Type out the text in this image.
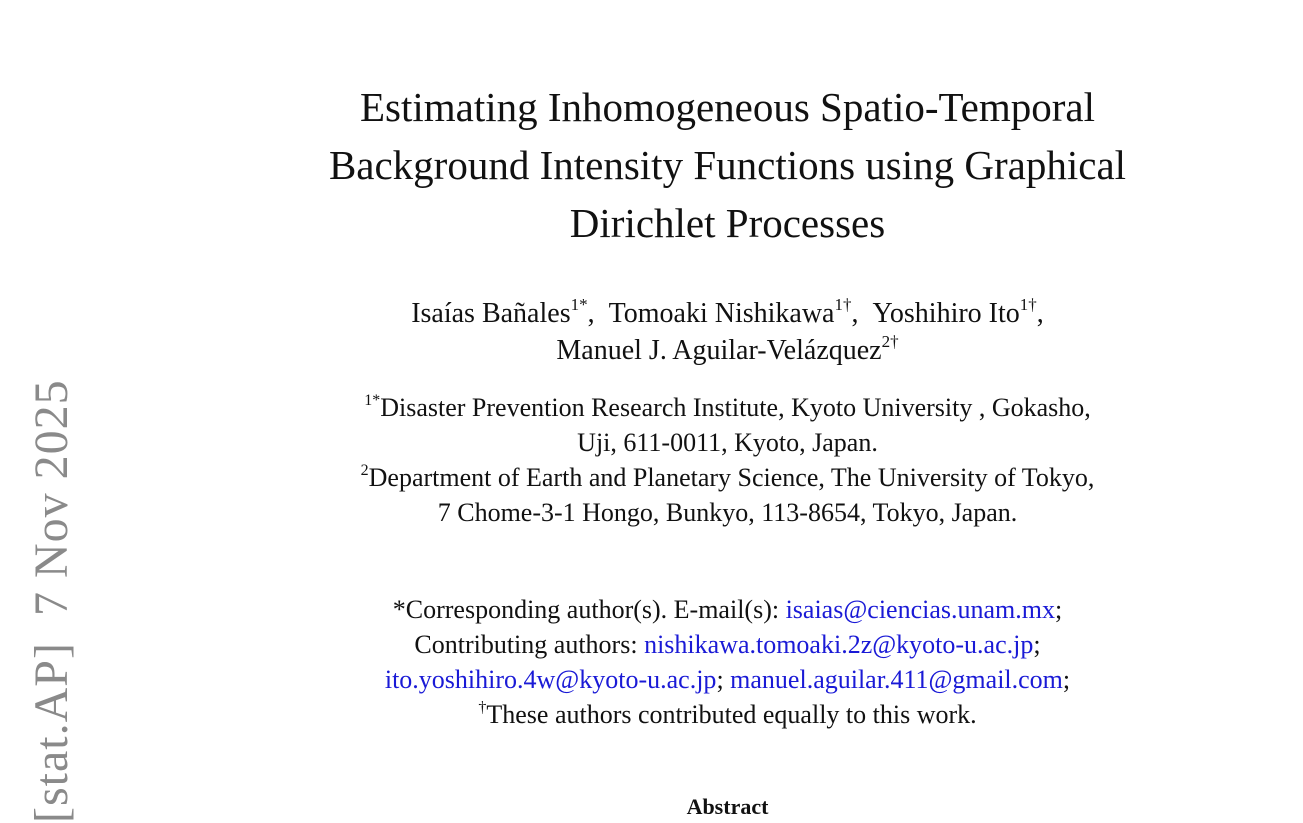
[stat.AP]7 Nov 2025
Estimating Inhomogeneous Spatio-Temporal
Background Intensity Functions using Graphical
Dirichlet Processes
Isaías Bañales$^{1*}$, Tomoaki Nishikawa$^{1\dagger}$, Yoshihiro Ito$^{1\dagger}$,
Manuel J. Aguilar-Velázquez$^{2\dagger}$
$^{1*}$Disaster Prevention Research Institute, Kyoto University , Gokasho,
Uji, 611-0011, Kyoto, Japan.
$^2$Department of Earth and Planetary Science, The University of Tokyo,
7 Chome-3-1 Hongo, Bunkyo, 113-8654, Tokyo, Japan.
*Corresponding author(s). E-mail(s): isaias@ciencias.unam.mx;
Contributing authors: nishikawa.tomoaki.2z@kyoto-u.ac.jp;
ito.yoshihiro.4w@kyoto-u.ac.jp; manuel.aguilar.411@gmail.com;
†These authors contributed equally to this work.
Abstract
